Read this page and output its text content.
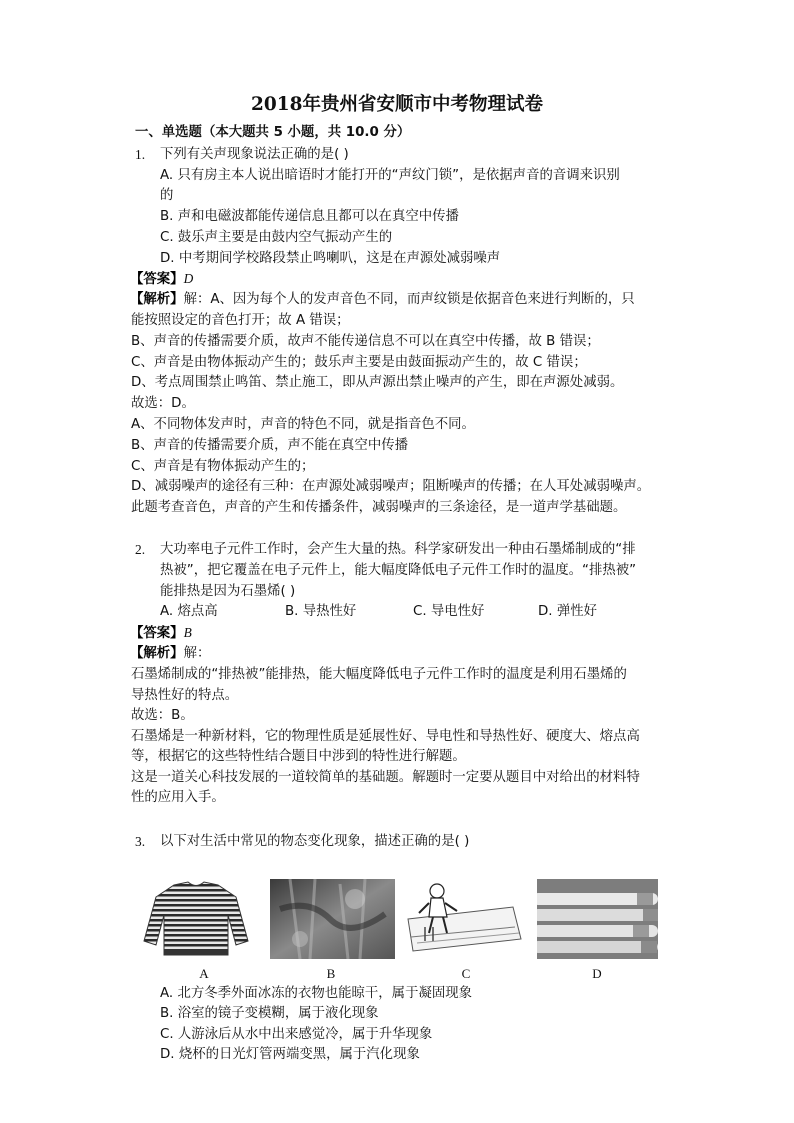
2018年贵州省安顺市中考物理试卷
一、单选题（本大题共 5 小题，共 10.0 分）
1. 下列有关声现象说法正确的是( )
A. 只有房主本人说出暗语时才能打开的“声纹门锁”，是依据声音的音调来识别
的
B. 声和电磁波都能传递信息且都可以在真空中传播
C. 鼓乐声主要是由鼓内空气振动产生的
D. 中考期间学校路段禁止鸣喇叭，这是在声源处减弱噪声
【答案】D
【解析】解：A、因为每个人的发声音色不同，而声纹锁是依据音色来进行判断的，只
能按照设定的音色打开；故 A 错误；
B、声音的传播需要介质，故声不能传递信息不可以在真空中传播，故 B 错误；
C、声音是由物体振动产生的；鼓乐声主要是由鼓面振动产生的，故 C 错误；
D、考点周围禁止鸣笛、禁止施工，即从声源出禁止噪声的产生，即在声源处减弱。
故选：D。
A、不同物体发声时，声音的特色不同，就是指音色不同。
B、声音的传播需要介质，声不能在真空中传播
C、声音是有物体振动产生的；
D、减弱噪声的途径有三种：在声源处减弱噪声；阻断噪声的传播；在人耳处减弱噪声。
此题考查音色，声音的产生和传播条件，减弱噪声的三条途径，是一道声学基础题。
2. 大功率电子元件工作时，会产生大量的热。科学家研发出一种由石墨烯制成的“排
热被”，把它覆盖在电子元件上，能大幅度降低电子元件工作时的温度。“排热被”
能排热是因为石墨烯( )
A. 熔点高	B. 导热性好	C. 导电性好	D. 弹性好
【答案】B
【解析】解：
石墨烯制成的“排热被”能排热，能大幅度降低电子元件工作时的温度是利用石墨烯的
导热性好的特点。
故选：B。
石墨烯是一种新材料，它的物理性质是延展性好、导电性和导热性好、硬度大、熔点高
等，根据它的这些特性结合题目中涉到的特性进行解题。
这是一道关心科技发展的一道较简单的基础题。解题时一定要从题目中对给出的材料特
性的应用入手。
3. 以下对生活中常见的物态变化现象，描述正确的是( )
A	B	C	D
A. 北方冬季外面冰冻的衣物也能晾干，属于凝固现象
B. 浴室的镜子变模糊，属于液化现象
C. 人游泳后从水中出来感觉冷，属于升华现象
D. 烧杯的日光灯管两端变黑，属于汽化现象
